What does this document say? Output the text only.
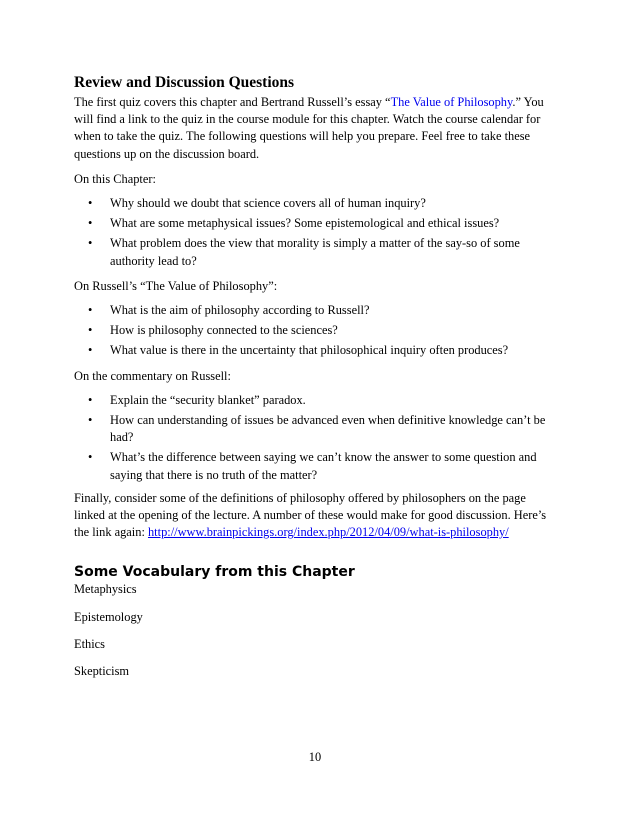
Review and Discussion Questions

The first quiz covers this chapter and Bertrand Russell’s essay “The Value of Philosophy.” You will find a link to the quiz in the course module for this chapter. Watch the course calendar for when to take the quiz. The following questions will help you prepare. Feel free to take these questions up on the discussion board.

On this Chapter:

• Why should we doubt that science covers all of human inquiry?
• What are some metaphysical issues? Some epistemological and ethical issues?
• What problem does the view that morality is simply a matter of the say-so of some authority lead to?

On Russell’s “The Value of Philosophy”:

• What is the aim of philosophy according to Russell?
• How is philosophy connected to the sciences?
• What value is there in the uncertainty that philosophical inquiry often produces?

On the commentary on Russell:

• Explain the “security blanket” paradox.
• How can understanding of issues be advanced even when definitive knowledge can’t be had?
• What’s the difference between saying we can’t know the answer to some question and saying that there is no truth of the matter?

Finally, consider some of the definitions of philosophy offered by philosophers on the page linked at the opening of the lecture. A number of these would make for good discussion. Here’s the link again: http://www.brainpickings.org/index.php/2012/04/09/what-is-philosophy/

Some Vocabulary from this Chapter

Metaphysics

Epistemology

Ethics

Skepticism

10
